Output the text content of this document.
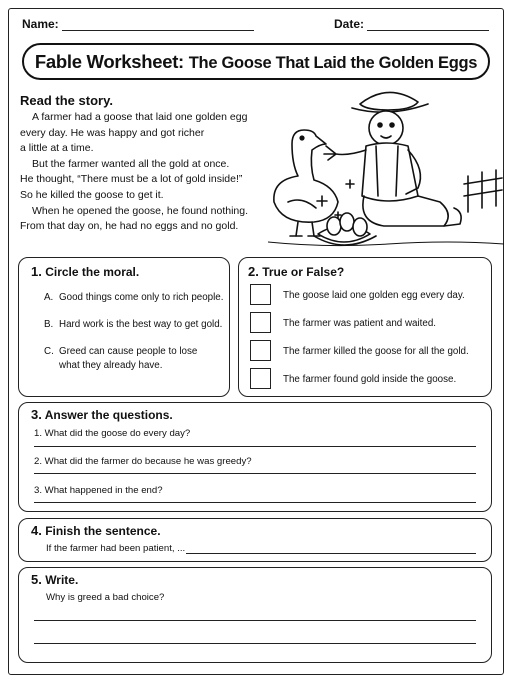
Name:	Date:
Fable Worksheet: The Goose That Laid the Golden Eggs
Read the story.
A farmer had a goose that laid one golden egg
every day. He was happy and got richer
a little at a time.
But the farmer wanted all the gold at once.
He thought, “There must be a lot of gold inside!”
So he killed the goose to get it.
When he opened the goose, he found nothing.
From that day on, he had no eggs and no gold.
1. Circle the moral.
A. Good things come only to rich people.
B. Hard work is the best way to get gold.
C. Greed can cause people to lose
what they already have.
2. True or False?
The goose laid one golden egg every day.
The farmer was patient and waited.
The farmer killed the goose for all the gold.
The farmer found gold inside the goose.
3. Answer the questions.
1. What did the goose do every day?
2. What did the farmer do because he was greedy?
3. What happened in the end?
4. Finish the sentence.
If the farmer had been patient, ...
5. Write.
Why is greed a bad choice?
